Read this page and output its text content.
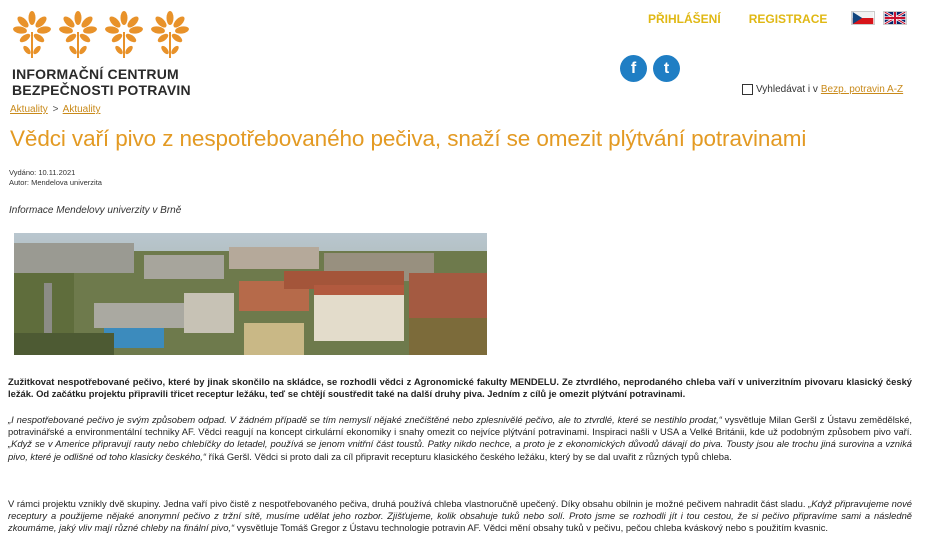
INFORMAČNÍ CENTRUM
BEZPEČNOSTI POTRAVIN
Aktuality > Aktuality
PŘIHLÁŠENÍ REGISTRACE
f t
Vyhledávat i v Bezp. potravin A-Z
Vědci vaří pivo z nespotřebovaného pečiva, snaží se omezit plýtvání potravinami
Vydáno: 10.11.2021
Autor: Mendelova univerzita
Informace Mendelovy univerzity v Brně
Zužitkovat nespotřebované pečivo, které by jinak skončilo na skládce, se rozhodli vědci z Agronomické fakulty MENDELU. Ze ztvrdlého, neprodaného chleba vaří v univerzitním pivovaru klasický český ležák. Od začátku projektu připravili třicet receptur ležáku, teď se chtějí soustředit také na další druhy piva. Jedním z cílů je omezit plýtvání potravinami.
„I nespotřebované pečivo je svým způsobem odpad. V žádném případě se tím nemyslí nějaké znečištěné nebo zplesnivělé pečivo, ale to ztvrdlé, které se nestihlo prodat,“ vysvětluje Milan Geršl z Ústavu zemědělské, potravinářské a environmentální techniky AF. Vědci reagují na koncept cirkulární ekonomiky i snahy omezit co nejvíce plýtvání potravinami. Inspiraci našli v USA a Velké Británii, kde už podobným způsobem pivo vaří. „Když se v Americe připravují rauty nebo chlebíčky do letadel, používá se jenom vnitřní část toustů. Patky nikdo nechce, a proto je z ekonomických důvodů dávají do piva. Tousty jsou ale trochu jiná surovina a vzniká pivo, které je odlišné od toho klasicky českého,“ říká Geršl. Vědci si proto dali za cíl připravit recepturu klasického českého ležáku, který by se dal uvařit z různých typů chleba.
V rámci projektu vznikly dvě skupiny. Jedna vaří pivo čistě z nespotřebovaného pečiva, druhá používá chleba vlastnoručně upečený. Díky obsahu obilnin je možné pečivem nahradit část sladu. „Když připravujeme nové receptury a použijeme nějaké anonymní pečivo z tržní sítě, musíme udělat jeho rozbor. Zjišťujeme, kolik obsahuje tuků nebo solí. Proto jsme se rozhodli jít i tou cestou, že si pečivo připravíme sami a následně zkoumáme, jaký vliv mají různé chleby na finální pivo,“ vysvětluje Tomáš Gregor z Ústavu technologie potravin AF. Vědci mění obsahy tuků v pečivu, pečou chleba kváskový nebo s použitím kvasnic.
